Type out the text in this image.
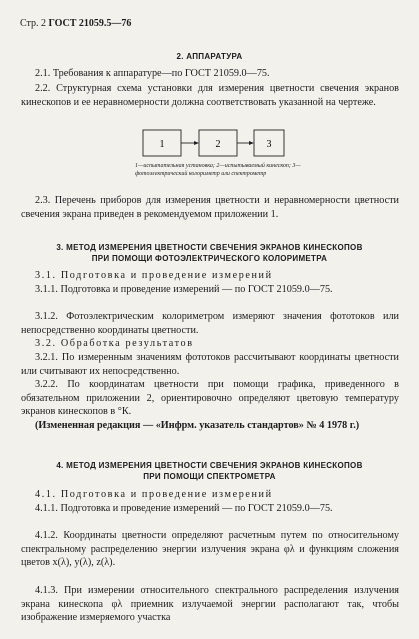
Стр. 2 ГОСТ 21059.5—76
2. АППАРАТУРА
2.1. Требования к аппаратуре—по ГОСТ 21059.0—75.
2.2. Структурная схема установки для измерения цветности свечения экранов кинескопов и ее неравномерности должна соответствовать указанной на чертеже.
1	2	3
1—испытательная установка; 2—испытываемый кинескоп; 3—фотоэлектрический колориметр или спектрометр
2.3. Перечень приборов для измерения цветности и неравномерности цветности свечения экрана приведен в рекомендуемом приложении 1.
3. МЕТОД ИЗМЕРЕНИЯ ЦВЕТНОСТИ СВЕЧЕНИЯ ЭКРАНОВ КИНЕСКОПОВ
ПРИ ПОМОЩИ ФОТОЭЛЕКТРИЧЕСКОГО КОЛОРИМЕТРА
3.1. Подготовка и проведение измерений
3.1.1. Подготовка и проведение измерений — по ГОСТ 21059.0—75.
3.1.2. Фотоэлектрическим колориметром измеряют значения фототоков или непосредственно координаты цветности.
3.2. Обработка результатов
3.2.1. По измеренным значениям фототоков рассчитывают координаты цветности или считывают их непосредственно.
3.2.2. По координатам цветности при помощи графика, приведенного в обязательном приложении 2, ориентировочно определяют цветовую температуру экранов кинескопов в °К.
(Измененная редакция — «Инфрм. указатель стандартов» № 4 1978 г.)
4. МЕТОД ИЗМЕРЕНИЯ ЦВЕТНОСТИ СВЕЧЕНИЯ ЭКРАНОВ КИНЕСКОПОВ
ПРИ ПОМОЩИ СПЕКТРОМЕТРА
4.1. Подготовка и проведение измерений
4.1.1. Подготовка и проведение измерений — по ГОСТ 21059.0—75.
4.1.2. Координаты цветности определяют расчетным путем по относительному спектральному распределению энергии излучения экрана φλ и функциям сложения цветов x(λ), y(λ), z(λ).
4.1.3. При измерении относительного спектрального распределения излучения экрана кинескопа φλ приемник излучаемой энергии располагают так, чтобы изображение измеряемого участка
